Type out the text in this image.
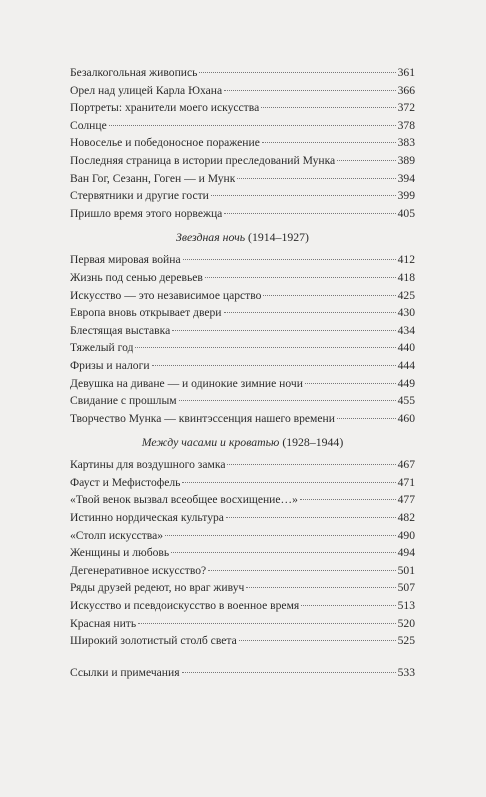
Безалкогольная живопись	361
Орел над улицей Карла Юхана	366
Портреты: хранители моего искусства	372
Солнце	378
Новоселье и победоносное поражение	383
Последняя страница в истории преследований Мунка	389
Ван Гог, Сезанн, Гоген — и Мунк	394
Стервятники и другие гости	399
Пришло время этого норвежца	405
Звездная ночь (1914–1927)
Первая мировая война	412
Жизнь под сенью деревьев	418
Искусство — это независимое царство	425
Европа вновь открывает двери	430
Блестящая выставка	434
Тяжелый год	440
Фризы и налоги	444
Девушка на диване — и одинокие зимние ночи	449
Свидание с прошлым	455
Творчество Мунка — квинтэссенция нашего времени	460
Между часами и кроватью (1928–1944)
Картины для воздушного замка	467
Фауст и Мефистофель	471
«Твой венок вызвал всеобщее восхищение…»	477
Истинно нордическая культура	482
«Столп искусства»	490
Женщины и любовь	494
Дегенеративное искусство?	501
Ряды друзей редеют, но враг живуч	507
Искусство и псевдоискусство в военное время	513
Красная нить	520
Широкий золотистый столб света	525
Ссылки и примечания	533
